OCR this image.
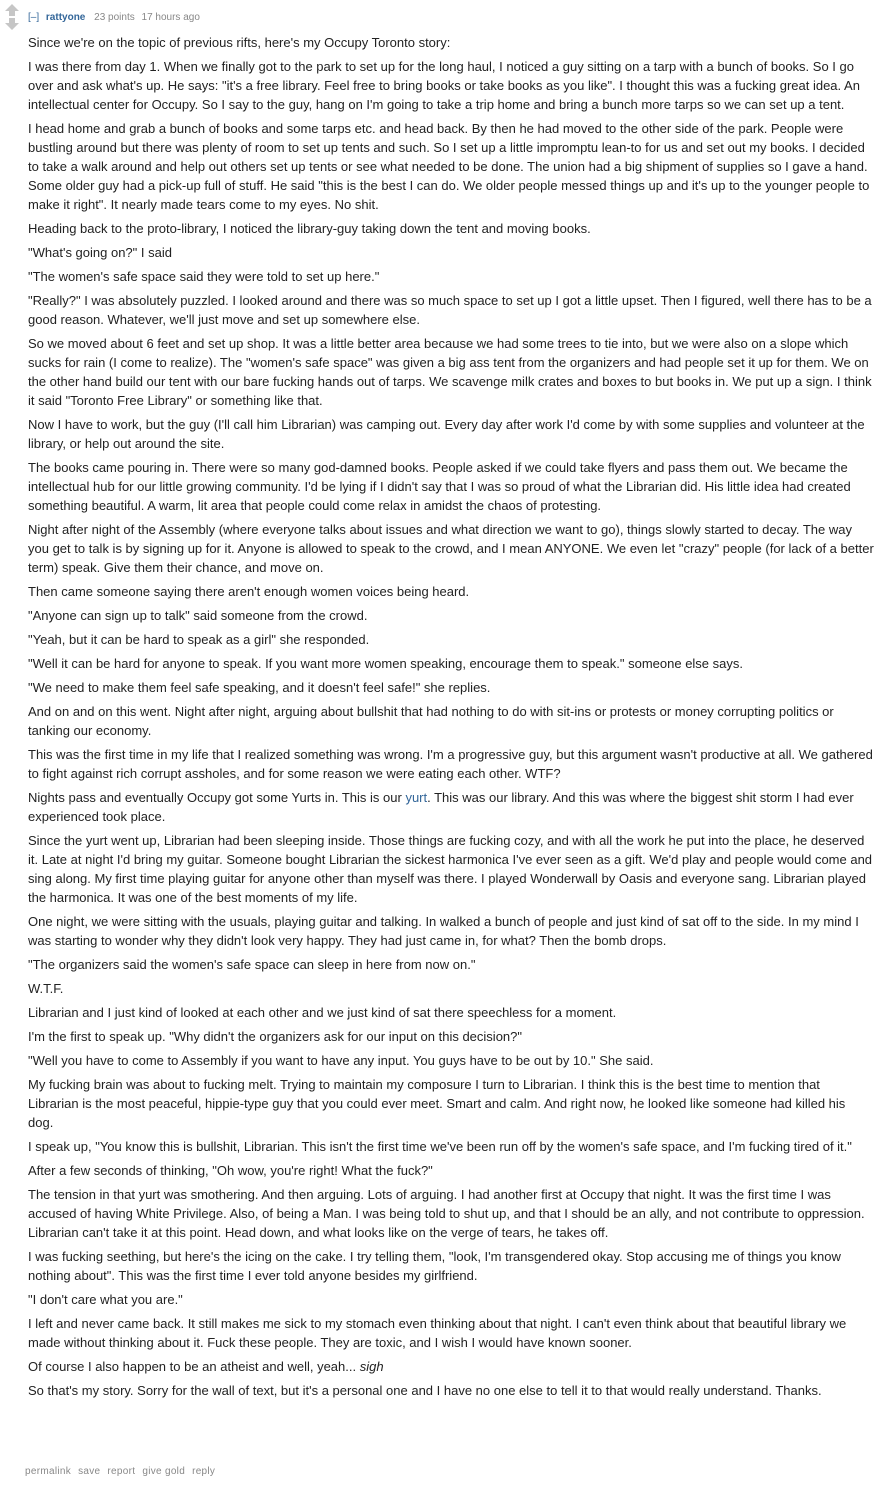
[–] rattyone 23 points 17 hours ago

Since we're on the topic of previous rifts, here's my Occupy Toronto story:

I was there from day 1. When we finally got to the park to set up for the long haul, I noticed a guy sitting on a tarp with a bunch of books. So I go over and ask what's up. He says: "it's a free library. Feel free to bring books or take books as you like". I thought this was a fucking great idea. An intellectual center for Occupy. So I say to the guy, hang on I'm going to take a trip home and bring a bunch more tarps so we can set up a tent.

I head home and grab a bunch of books and some tarps etc. and head back. By then he had moved to the other side of the park. People were bustling around but there was plenty of room to set up tents and such. So I set up a little impromptu lean-to for us and set out my books. I decided to take a walk around and help out others set up tents or see what needed to be done. The union had a big shipment of supplies so I gave a hand. Some older guy had a pick-up full of stuff. He said "this is the best I can do. We older people messed things up and it's up to the younger people to make it right". It nearly made tears come to my eyes. No shit.

Heading back to the proto-library, I noticed the library-guy taking down the tent and moving books.

"What's going on?" I said

"The women's safe space said they were told to set up here."

"Really?" I was absolutely puzzled. I looked around and there was so much space to set up I got a little upset. Then I figured, well there has to be a good reason. Whatever, we'll just move and set up somewhere else.

So we moved about 6 feet and set up shop. It was a little better area because we had some trees to tie into, but we were also on a slope which sucks for rain (I come to realize). The "women's safe space" was given a big ass tent from the organizers and had people set it up for them. We on the other hand build our tent with our bare fucking hands out of tarps. We scavenge milk crates and boxes to but books in. We put up a sign. I think it said "Toronto Free Library" or something like that.

Now I have to work, but the guy (I'll call him Librarian) was camping out. Every day after work I'd come by with some supplies and volunteer at the library, or help out around the site.

The books came pouring in. There were so many god-damned books. People asked if we could take flyers and pass them out. We became the intellectual hub for our little growing community. I'd be lying if I didn't say that I was so proud of what the Librarian did. His little idea had created something beautiful. A warm, lit area that people could come relax in amidst the chaos of protesting.

Night after night of the Assembly (where everyone talks about issues and what direction we want to go), things slowly started to decay. The way you get to talk is by signing up for it. Anyone is allowed to speak to the crowd, and I mean ANYONE. We even let "crazy" people (for lack of a better term) speak. Give them their chance, and move on.

Then came someone saying there aren't enough women voices being heard.

"Anyone can sign up to talk" said someone from the crowd.

"Yeah, but it can be hard to speak as a girl" she responded.

"Well it can be hard for anyone to speak. If you want more women speaking, encourage them to speak." someone else says.

"We need to make them feel safe speaking, and it doesn't feel safe!" she replies.

And on and on this went. Night after night, arguing about bullshit that had nothing to do with sit-ins or protests or money corrupting politics or tanking our economy.

This was the first time in my life that I realized something was wrong. I'm a progressive guy, but this argument wasn't productive at all. We gathered to fight against rich corrupt assholes, and for some reason we were eating each other. WTF?

Nights pass and eventually Occupy got some Yurts in. This is our yurt. This was our library. And this was where the biggest shit storm I had ever experienced took place.

Since the yurt went up, Librarian had been sleeping inside. Those things are fucking cozy, and with all the work he put into the place, he deserved it. Late at night I'd bring my guitar. Someone bought Librarian the sickest harmonica I've ever seen as a gift. We'd play and people would come and sing along. My first time playing guitar for anyone other than myself was there. I played Wonderwall by Oasis and everyone sang. Librarian played the harmonica. It was one of the best moments of my life.

One night, we were sitting with the usuals, playing guitar and talking. In walked a bunch of people and just kind of sat off to the side. In my mind I was starting to wonder why they didn't look very happy. They had just came in, for what? Then the bomb drops.

"The organizers said the women's safe space can sleep in here from now on."

W.T.F.

Librarian and I just kind of looked at each other and we just kind of sat there speechless for a moment.

I'm the first to speak up. "Why didn't the organizers ask for our input on this decision?"

"Well you have to come to Assembly if you want to have any input. You guys have to be out by 10." She said.

My fucking brain was about to fucking melt. Trying to maintain my composure I turn to Librarian. I think this is the best time to mention that Librarian is the most peaceful, hippie-type guy that you could ever meet. Smart and calm. And right now, he looked like someone had killed his dog.

I speak up, "You know this is bullshit, Librarian. This isn't the first time we've been run off by the women's safe space, and I'm fucking tired of it."

After a few seconds of thinking, "Oh wow, you're right! What the fuck?"

The tension in that yurt was smothering. And then arguing. Lots of arguing. I had another first at Occupy that night. It was the first time I was accused of having White Privilege. Also, of being a Man. I was being told to shut up, and that I should be an ally, and not contribute to oppression. Librarian can't take it at this point. Head down, and what looks like on the verge of tears, he takes off.

I was fucking seething, but here's the icing on the cake. I try telling them, "look, I'm transgendered okay. Stop accusing me of things you know nothing about". This was the first time I ever told anyone besides my girlfriend.

"I don't care what you are."

I left and never came back. It still makes me sick to my stomach even thinking about that night. I can't even think about that beautiful library we made without thinking about it. Fuck these people. They are toxic, and I wish I would have known sooner.

Of course I also happen to be an atheist and well, yeah... sigh

So that's my story. Sorry for the wall of text, but it's a personal one and I have no one else to tell it to that would really understand. Thanks.

permalink save report give gold reply
